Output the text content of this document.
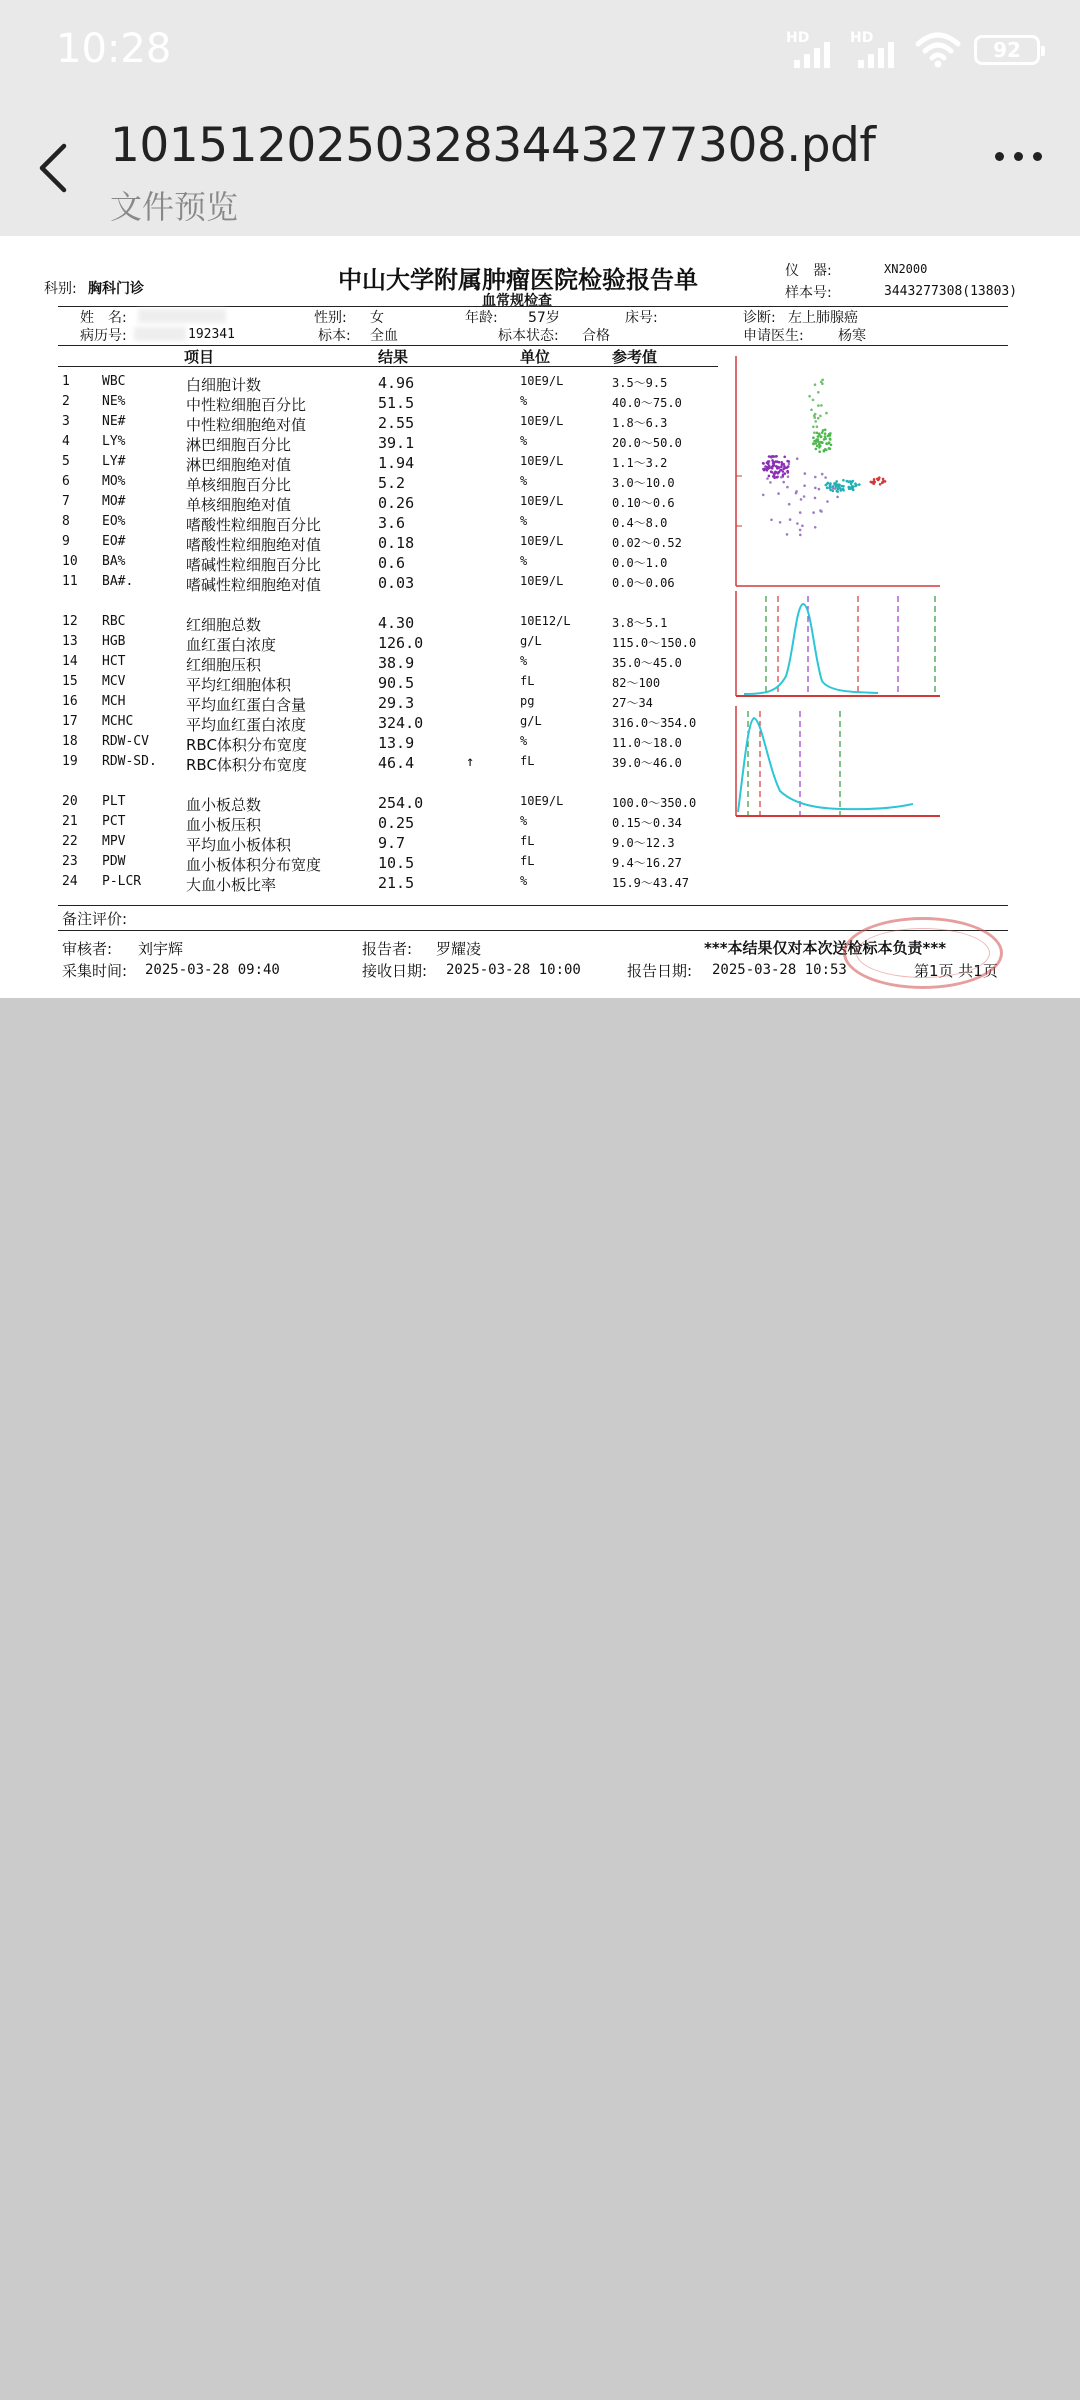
10:28	HD	HD	92
101512025032834432773​08.pdf
文件预览
科别: 胸科门诊	中山大学附属肿瘤医院检验报告单
血常规检查
仪　器:	XN2000
样本号:	3443277308(13803)
姓　名:
病历号:	192341
性别: 女
标本: 全血
年龄: 57岁
标本状态: 合格
床号:	诊断: 左上肺腺癌
申请医生: 杨寒
项目	结果	单位	参考值
1 WBC	白细胞计数	4.96	10E9/L	3.5～9.5
2 NE%	中性粒细胞百分比	51.5	%	40.0～75.0
3 NE#	中性粒细胞绝对值	2.55	10E9/L	1.8～6.3
4 LY%	淋巴细胞百分比	39.1	%	20.0～50.0
5 LY#	淋巴细胞绝对值	1.94	10E9/L	1.1～3.2
6 MO%	单核细胞百分比	5.2	%	3.0～10.0
7 MO#	单核细胞绝对值	0.26	10E9/L	0.10～0.6
8 EO%	嗜酸性粒细胞百分比	3.6	%	0.4～8.0
9 EO#	嗜酸性粒细胞绝对值	0.18	10E9/L	0.02～0.52
10 BA%	嗜碱性粒细胞百分比	0.6	%	0.0～1.0
11 BA#.	嗜碱性粒细胞绝对值	0.03	10E9/L	0.0～0.06
12 RBC	红细胞总数	4.30	10E12/L	3.8～5.1
13 HGB	血红蛋白浓度	126.0	g/L	115.0～150.0
14 HCT	红细胞压积	38.9	%	35.0～45.0
15 MCV	平均红细胞体积	90.5	fL	82～100
16 MCH	平均血红蛋白含量	29.3	pg	27～34
17 MCHC	平均血红蛋白浓度	324.0	g/L	316.0～354.0
18 RDW-CV RBC体积分布宽度	13.9	%	11.0～18.0
19 RDW-SD. RBC体积分布宽度	46.4	↑	fL	39.0～46.0
20 PLT	血小板总数	254.0	10E9/L	100.0～350.0
21 PCT	血小板压积	0.25	%	0.15～0.34
22 MPV	平均血小板体积	9.7	fL	9.0～12.3
23 PDW	血小板体积分布宽度	10.5	fL	9.4～16.27
24 P-LCR	大血小板比率	21.5	%	15.9～43.47
备注评价:
审核者: 刘宇辉	报告者: 罗耀凌	***本结果仅对本次送检标本负责***
采集时间: 2025-03-28 09:40	接收日期: 2025-03-28 10:00	报告日期: 2025-03-28 10:53	第1页 共1页
